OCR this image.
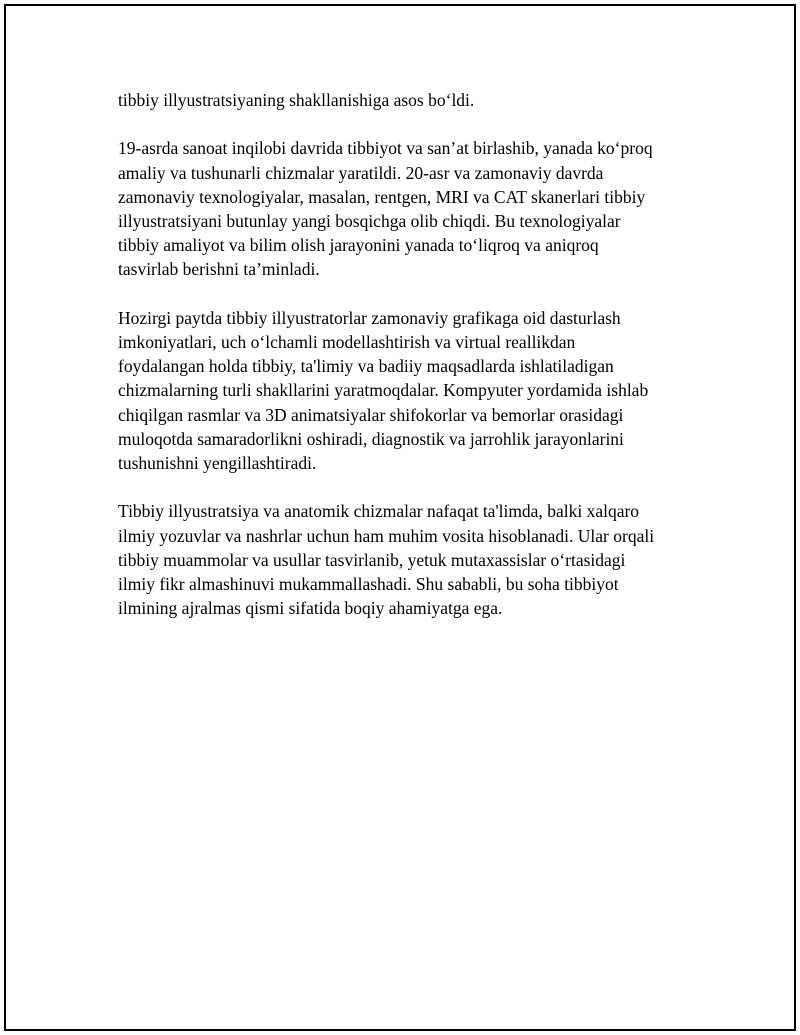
tibbiy illyustratsiyaning shakllanishiga asos bo‘ldi.

19-asrda sanoat inqilobi davrida tibbiyot va san’at birlashib, yanada ko‘proq
amaliy va tushunarli chizmalar yaratildi. 20-asr va zamonaviy davrda
zamonaviy texnologiyalar, masalan, rentgen, MRI va CAT skanerlari tibbiy
illyustratsiyani butunlay yangi bosqichga olib chiqdi. Bu texnologiyalar
tibbiy amaliyot va bilim olish jarayonini yanada to‘liqroq va aniqroq
tasvirlab berishni ta’minladi.

Hozirgi paytda tibbiy illyustratorlar zamonaviy grafikaga oid dasturlash
imkoniyatlari, uch o‘lchamli modellashtirish va virtual reallikdan
foydalangan holda tibbiy, ta'limiy va badiiy maqsadlarda ishlatiladigan
chizmalarning turli shakllarini yaratmoqdalar. Kompyuter yordamida ishlab
chiqilgan rasmlar va 3D animatsiyalar shifokorlar va bemorlar orasidagi
muloqotda samaradorlikni oshiradi, diagnostik va jarrohlik jarayonlarini
tushunishni yengillashtiradi.

Tibbiy illyustratsiya va anatomik chizmalar nafaqat ta'limda, balki xalqaro
ilmiy yozuvlar va nashrlar uchun ham muhim vosita hisoblanadi. Ular orqali
tibbiy muammolar va usullar tasvirlanib, yetuk mutaxassislar o‘rtasidagi
ilmiy fikr almashinuvi mukammallashadi. Shu sababli, bu soha tibbiyot
ilmining ajralmas qismi sifatida boqiy ahamiyatga ega.
